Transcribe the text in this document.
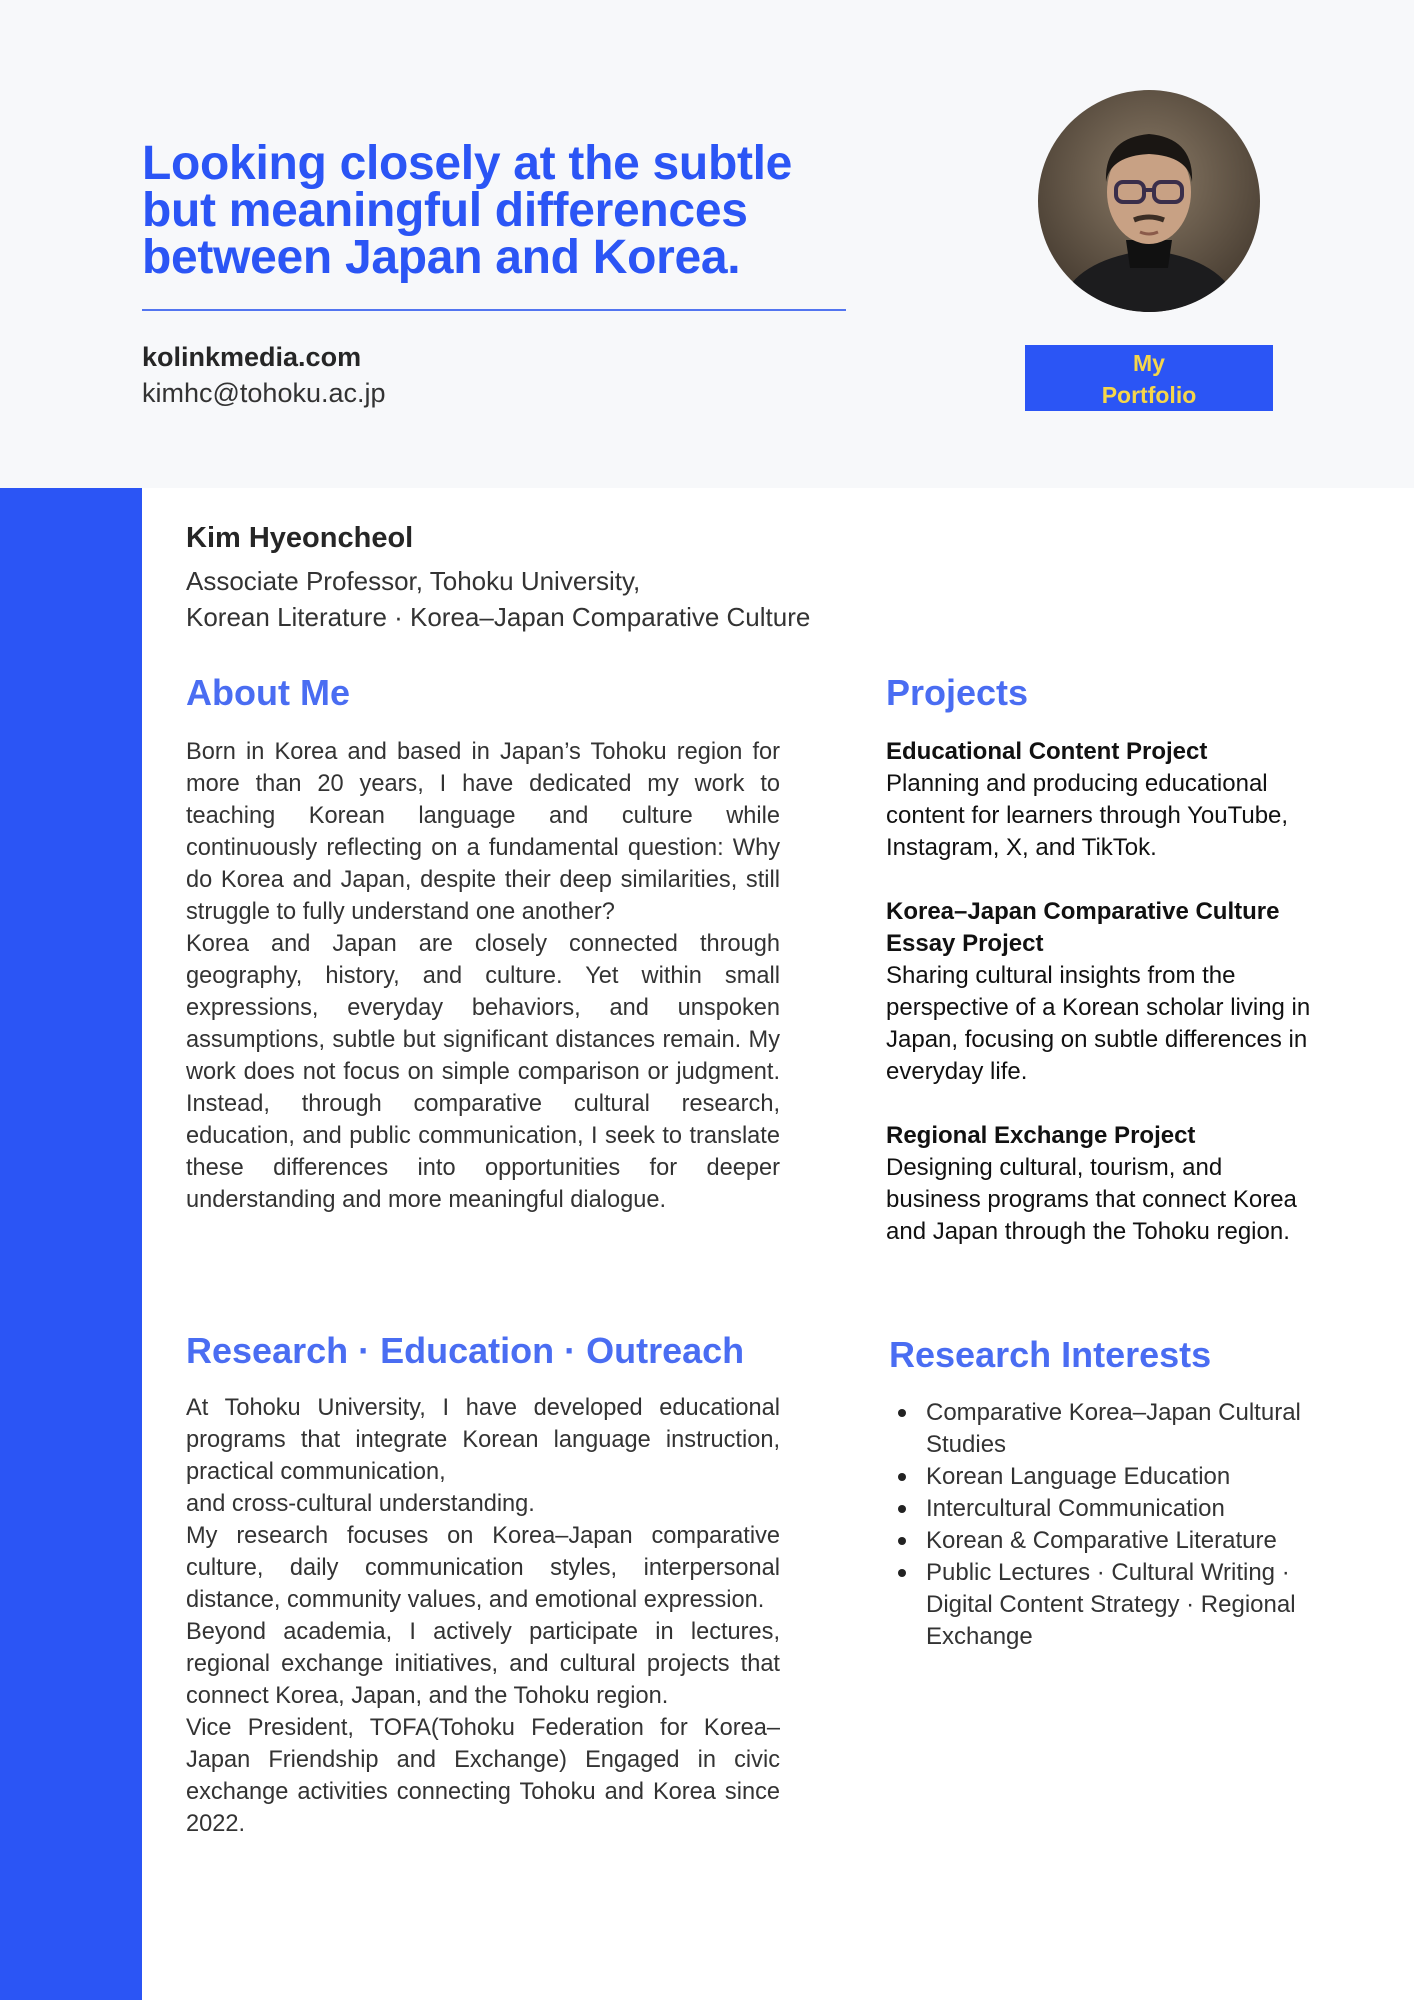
Looking closely at the subtle but meaningful differences between Japan and Korea.
kolinkmedia.com
kimhc@tohoku.ac.jp
My
Portfolio
Kim Hyeoncheol
Associate Professor, Tohoku University,
Korean Literature · Korea–Japan Comparative Culture
About Me
Born in Korea and based in Japan’s Tohoku region for more than 20 years, I have dedicated my work to teaching Korean language and culture while continuously reflecting on a fundamental question: Why do Korea and Japan, despite their deep similarities, still struggle to fully understand one another?
Korea and Japan are closely connected through geography, history, and culture. Yet within small expressions, everyday behaviors, and unspoken assumptions, subtle but significant distances remain. My work does not focus on simple comparison or judgment. Instead, through comparative cultural research, education, and public communication, I seek to translate these differences into opportunities for deeper understanding and more meaningful dialogue.
Research · Education · Outreach
At Tohoku University, I have developed educational programs that integrate Korean language instruction, practical communication,
and cross-cultural understanding.
My research focuses on Korea–Japan comparative culture, daily communication styles, interpersonal distance, community values, and emotional expression.
Beyond academia, I actively participate in lectures, regional exchange initiatives, and cultural projects that connect Korea, Japan, and the Tohoku region.
Vice President, TOFA(Tohoku Federation for Korea–Japan Friendship and Exchange) Engaged in civic exchange activities connecting Tohoku and Korea since 2022.
Projects
Educational Content Project
Planning and producing educational content for learners through YouTube, Instagram, X, and TikTok.
Korea–Japan Comparative Culture Essay Project
Sharing cultural insights from the perspective of a Korean scholar living in Japan, focusing on subtle differences in everyday life.
Regional Exchange Project
Designing cultural, tourism, and business programs that connect Korea and Japan through the Tohoku region.
Research Interests
Comparative Korea–Japan Cultural Studies
Korean Language Education
Intercultural Communication
Korean & Comparative Literature
Public Lectures · Cultural Writing · Digital Content Strategy · Regional Exchange
